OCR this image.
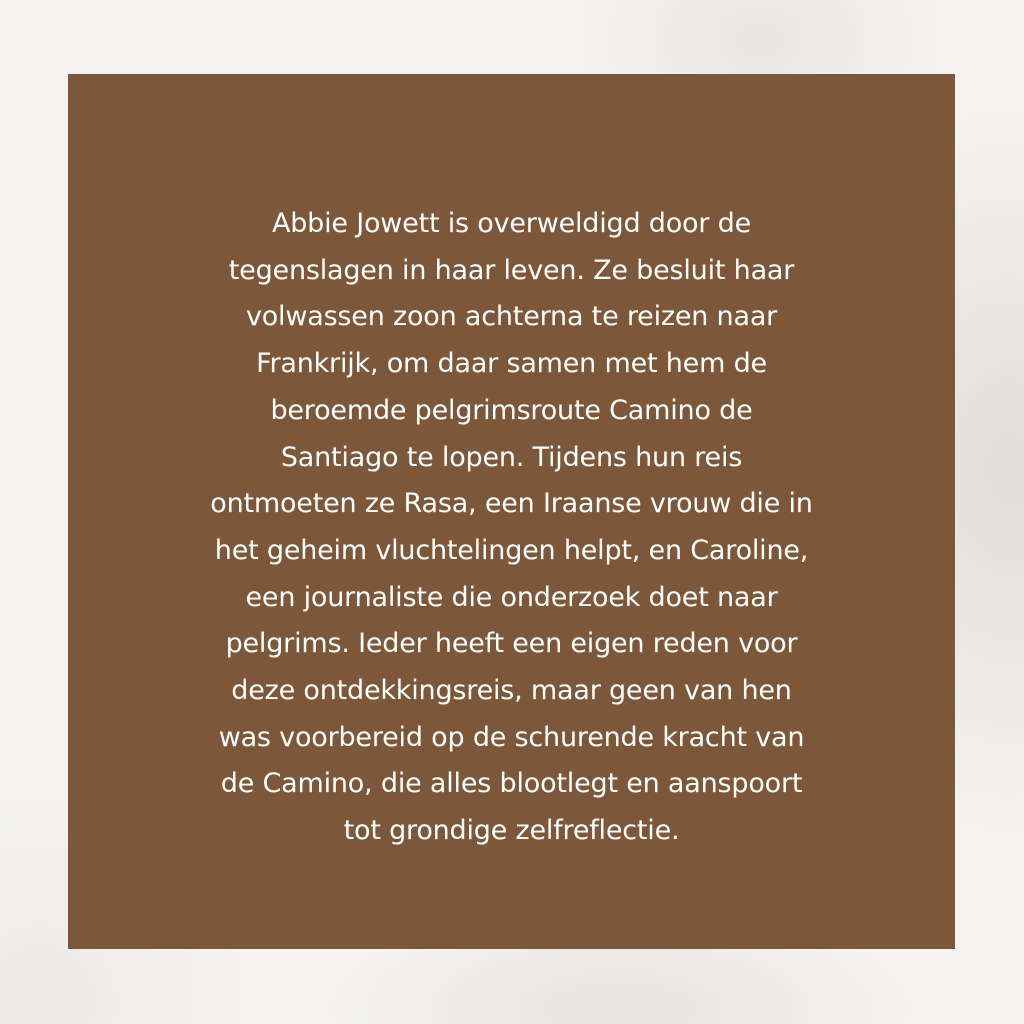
Abbie Jowett is overweldigd door de
tegenslagen in haar leven. Ze besluit haar
volwassen zoon achterna te reizen naar
Frankrijk, om daar samen met hem de
beroemde pelgrimsroute Camino de
Santiago te lopen. Tijdens hun reis
ontmoeten ze Rasa, een Iraanse vrouw die in
het geheim vluchtelingen helpt, en Caroline,
een journaliste die onderzoek doet naar
pelgrims. Ieder heeft een eigen reden voor
deze ontdekkingsreis, maar geen van hen
was voorbereid op de schurende kracht van
de Camino, die alles blootlegt en aanspoort
tot grondige zelfreflectie.
